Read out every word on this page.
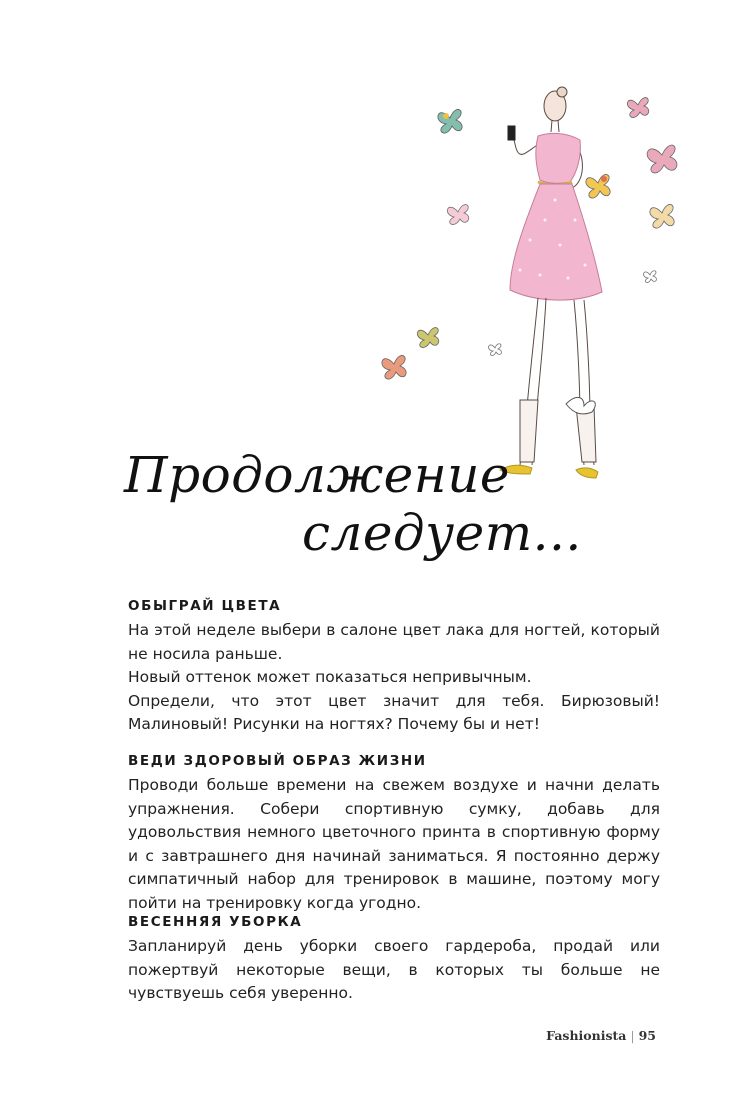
Продолжение
следует...
ОБЫГРАЙ ЦВЕТА

На этой неделе выбери в салоне цвет лака для ногтей, который не носила раньше.

Новый оттенок может показаться непривычным.

Определи, что этот цвет значит для тебя. Бирюзовый! Малиновый! Рисунки на ногтях? Почему бы и нет!

ВЕДИ ЗДОРОВЫЙ ОБРАЗ ЖИЗНИ

Проводи больше времени на свежем воздухе и начни делать упражнения. Собери спортивную сумку, добавь для удовольствия немного цветочного принта в спортивную форму и с завтрашнего дня начинай заниматься. Я постоянно держу симпатичный набор для тренировок в машине, поэтому могу пойти на тренировку когда угодно.

ВЕСЕННЯЯ УБОРКА

Запланируй день уборки своего гардероба, продай или пожертвуй некоторые вещи, в которых ты больше не чувствуешь себя уверенно.

Fashionista | 95
